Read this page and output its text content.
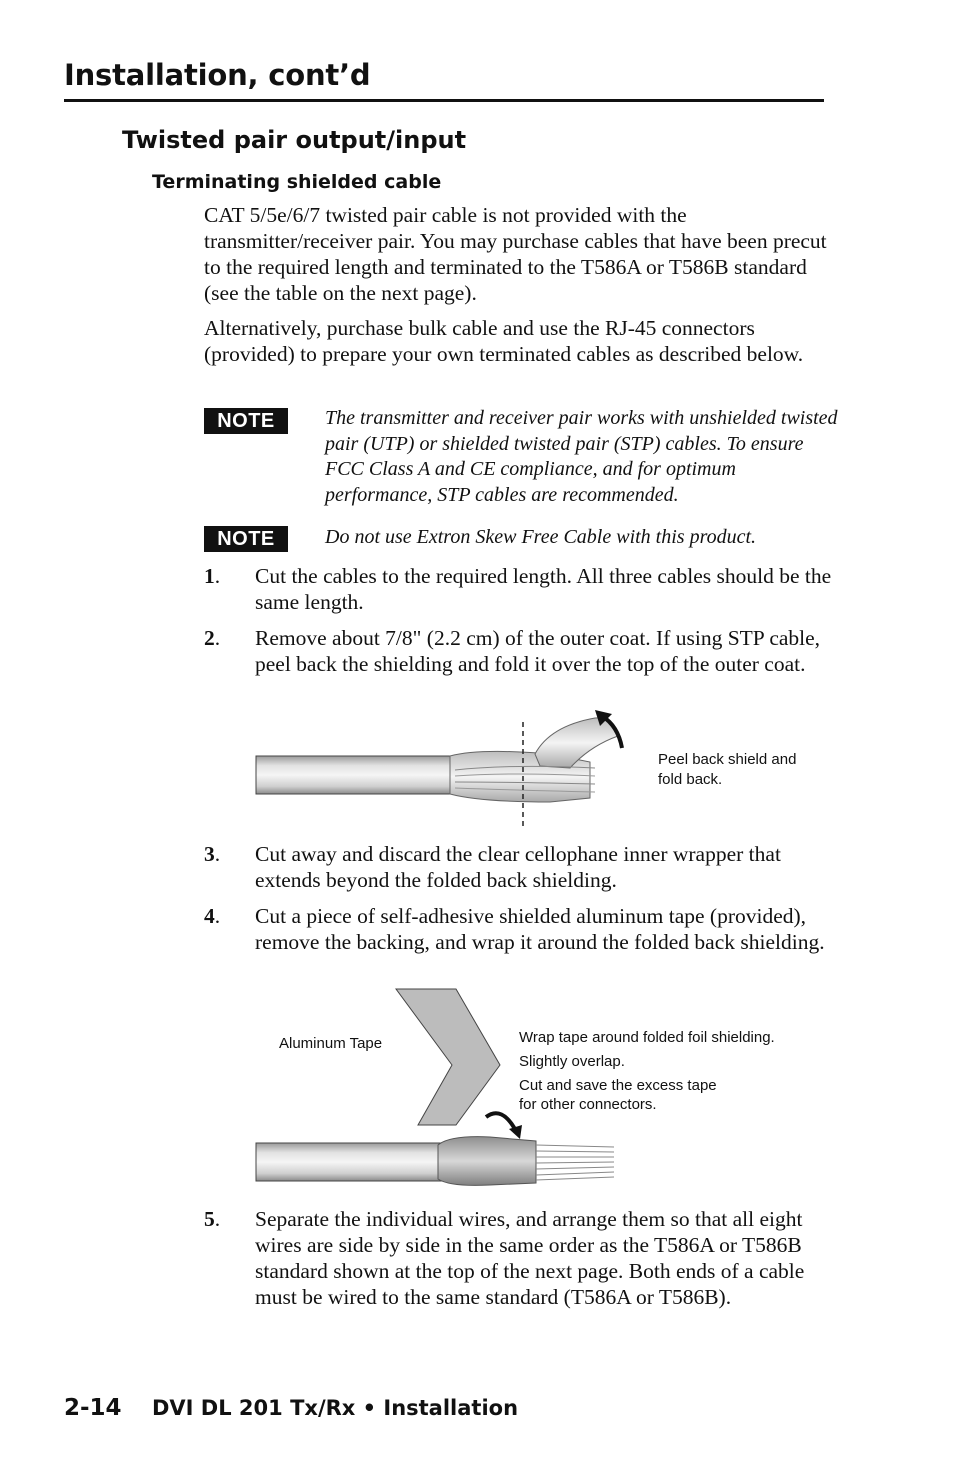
Installation, cont’d
Twisted pair output/input
Terminating shielded cable

CAT 5/5e/6/7 twisted pair cable is not provided with the transmitter/receiver pair. You may purchase cables that have been precut to the required length and terminated to the T586A or T586B standard (see the table on the next page).

Alternatively, purchase bulk cable and use the RJ-45 connectors (provided) to prepare your own terminated cables as described below.

NOTE	The transmitter and receiver pair works with unshielded twisted pair (UTP) or shielded twisted pair (STP) cables. To ensure FCC Class A and CE compliance, and for optimum performance, STP cables are recommended.

NOTE	Do not use Extron Skew Free Cable with this product.

1. Cut the cables to the required length. All three cables should be the same length.

2. Remove about 7/8" (2.2 cm) of the outer coat. If using STP cable, peel back the shielding and fold it over the top of the outer coat.

Peel back shield and
fold back.
3. Cut away and discard the clear cellophane inner wrapper that extends beyond the folded back shielding.

4. Cut a piece of self-adhesive shielded aluminum tape (provided), remove the backing, and wrap it around the folded back shielding.

Aluminum Tape	Wrap tape around folded foil shielding.
Slightly overlap.
Cut and save the excess tape
for other connectors.
5. Separate the individual wires, and arrange them so that all eight wires are side by side in the same order as the T586A or T586B standard shown at the top of the next page. Both ends of a cable must be wired to the same standard (T586A or T586B).

2-14 DVI DL 201 Tx/Rx • Installation
